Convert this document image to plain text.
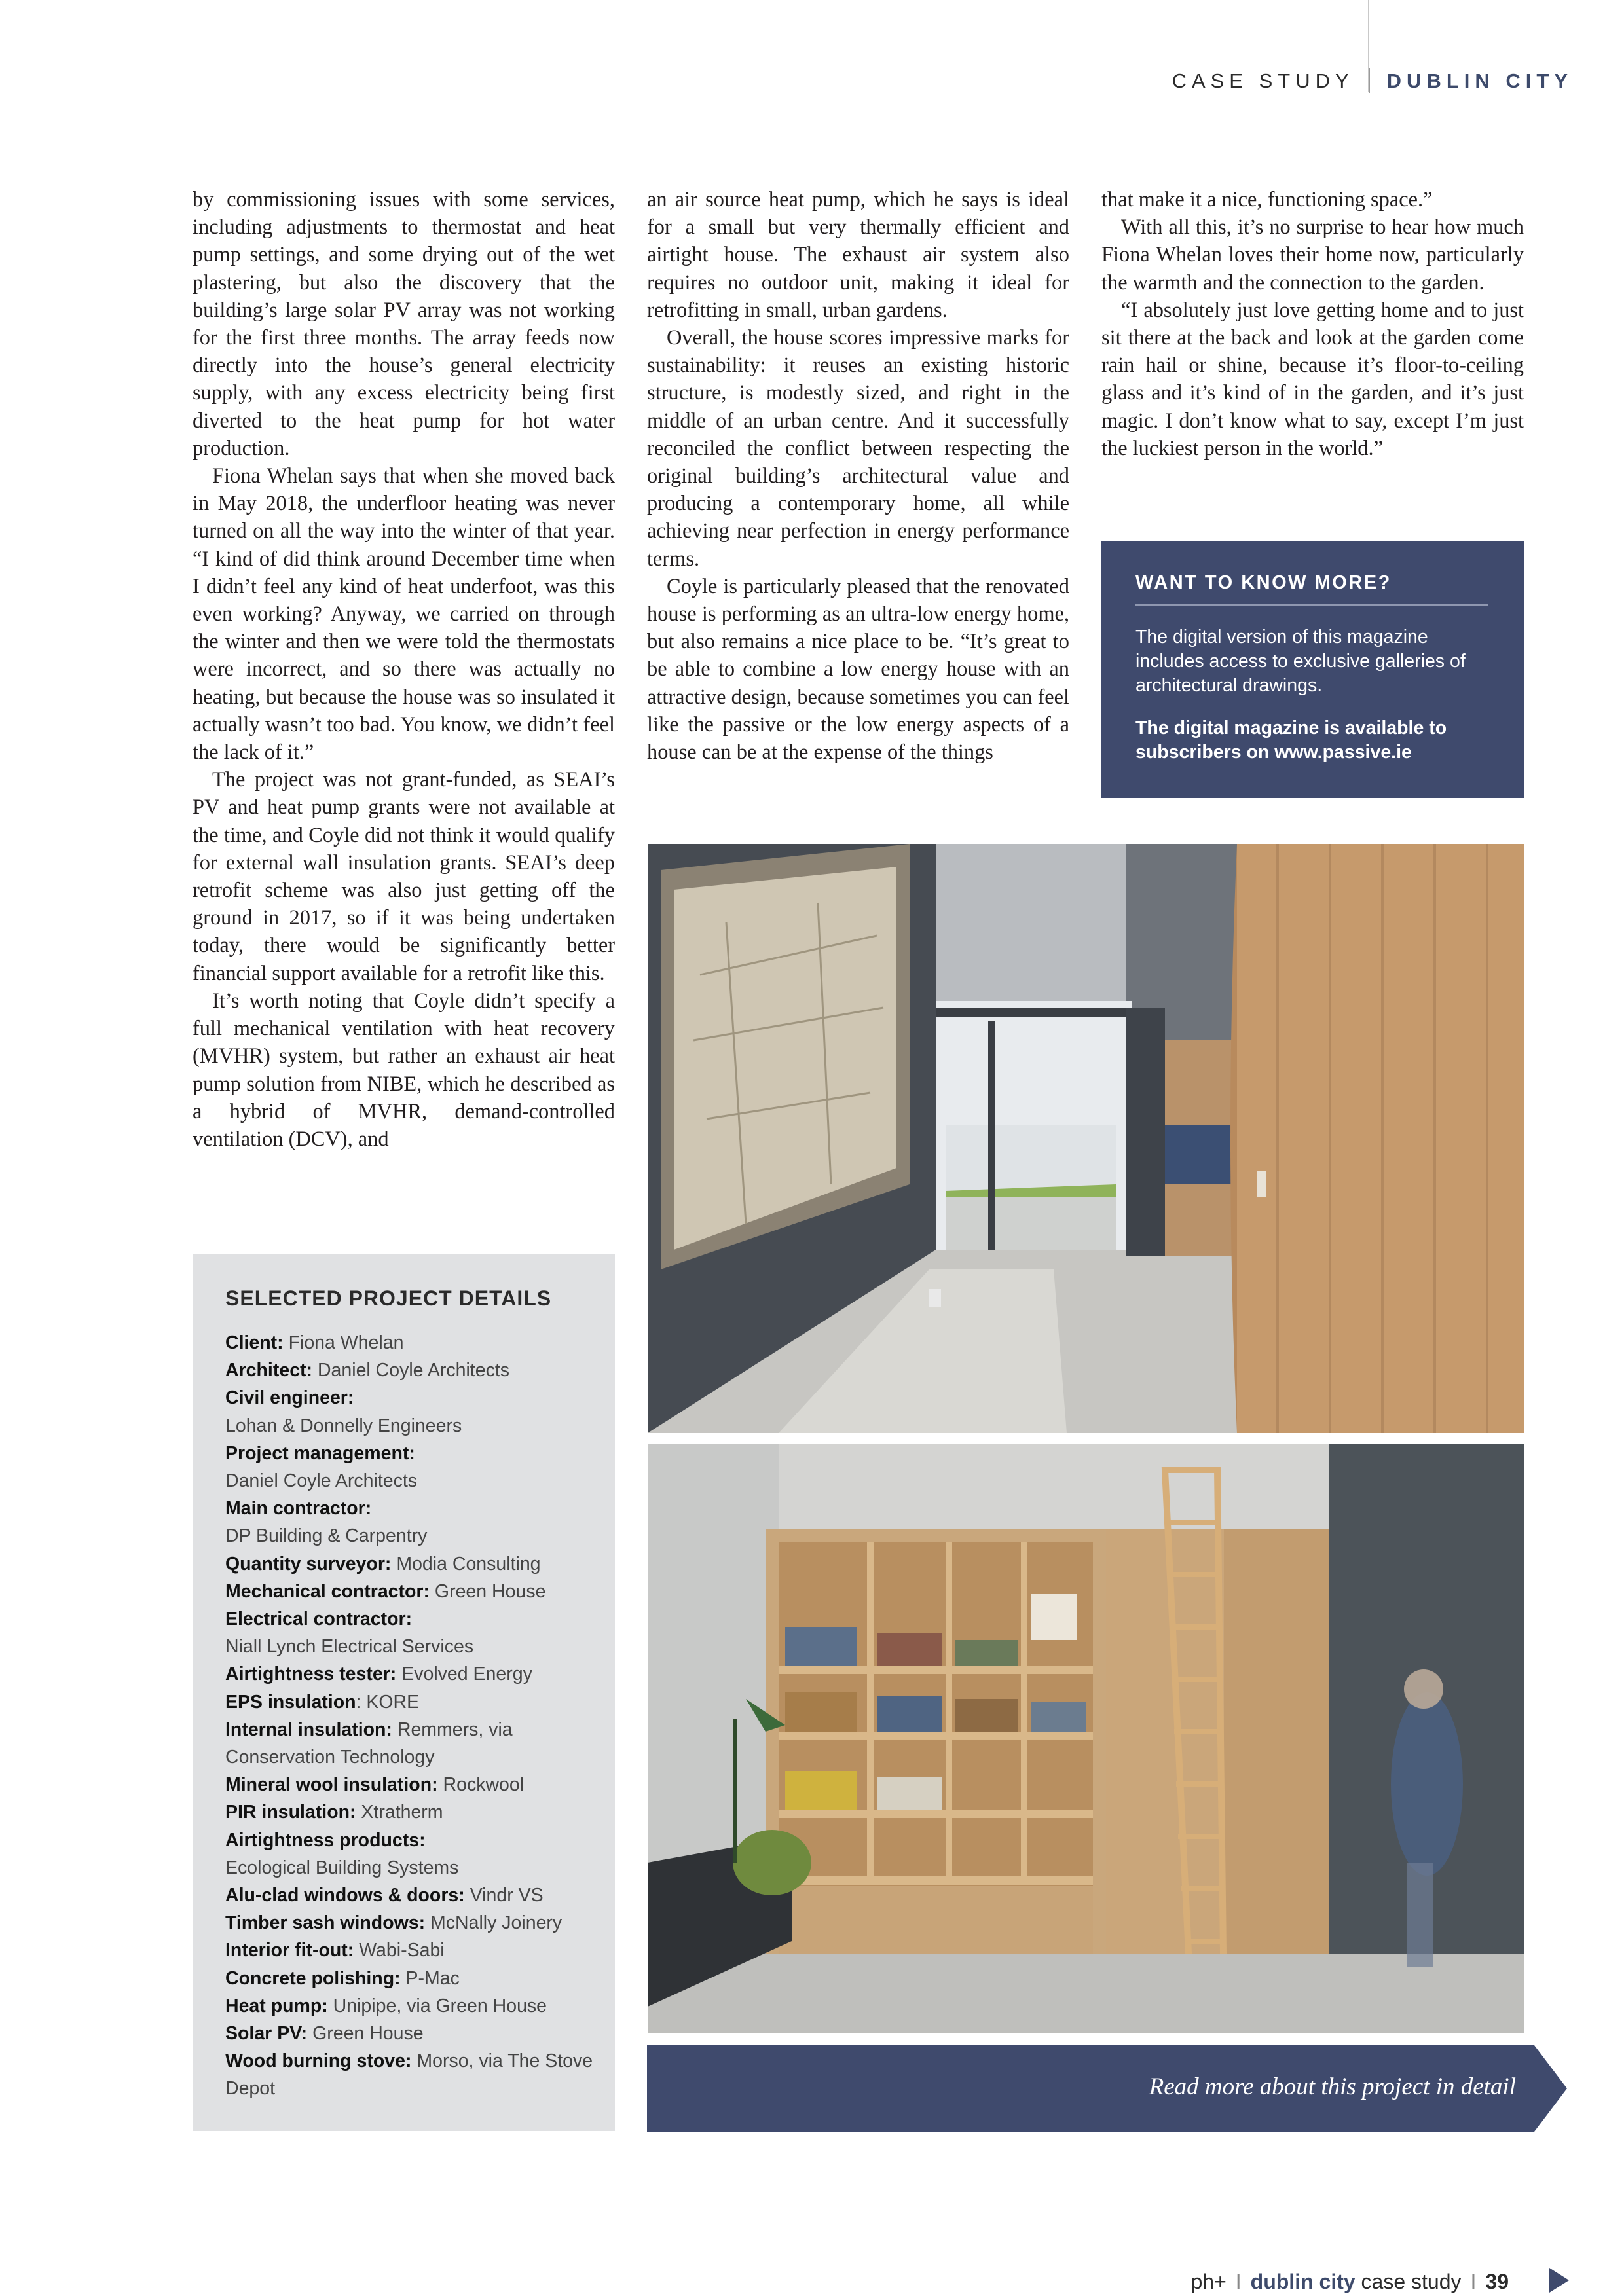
CASE STUDY DUBLIN CITY

by commissioning issues with some services, including adjustments to thermostat and heat pump settings, and some drying out of the wet plastering, but also the discovery that the building’s large solar PV array was not working for the first three months. The array feeds now directly into the house’s general electricity supply, with any excess electricity being first diverted to the heat pump for hot water production.

Fiona Whelan says that when she moved back in May 2018, the underfloor heating was never turned on all the way into the winter of that year. “I kind of did think around December time when I didn’t feel any kind of heat underfoot, was this even working? Anyway, we carried on through the winter and then we were told the thermostats were incorrect, and so there was actually no heating, but because the house was so insulated it actually wasn’t too bad. You know, we didn’t feel the lack of it.”

The project was not grant-funded, as SEAI’s PV and heat pump grants were not available at the time, and Coyle did not think it would qualify for external wall insulation grants. SEAI’s deep retrofit scheme was also just getting off the ground in 2017, so if it was being undertaken today, there would be significantly better financial support available for a retrofit like this.

It’s worth noting that Coyle didn’t specify a full mechanical ventilation with heat recovery (MVHR) system, but rather an exhaust air heat pump solution from NIBE, which he described as a hybrid of MVHR, demand-controlled ventilation (DCV), and

an air source heat pump, which he says is ideal for a small but very thermally efficient and airtight house. The exhaust air system also requires no outdoor unit, making it ideal for retrofitting in small, urban gardens.

Overall, the house scores impressive marks for sustainability: it reuses an existing historic structure, is modestly sized, and right in the middle of an urban centre. And it successfully reconciled the conflict between respecting the original building’s architectural value and producing a contemporary home, all while achieving near perfection in energy performance terms.

Coyle is particularly pleased that the renovated house is performing as an ultra-low energy home, but also remains a nice place to be. “It’s great to be able to combine a low energy house with an attractive design, because sometimes you can feel like the passive or the low energy aspects of a house can be at the expense of the things

that make it a nice, functioning space.”

With all this, it’s no surprise to hear how much Fiona Whelan loves their home now, particularly the warmth and the connection to the garden.

“I absolutely just love getting home and to just sit there at the back and look at the garden come rain hail or shine, because it’s floor-to-ceiling glass and it’s kind of in the garden, and it’s just magic. I don’t know what to say, except I’m just the luckiest person in the world.”

WANT TO KNOW MORE?

The digital version of this magazine includes access to exclusive galleries of architectural drawings.

The digital magazine is available to subscribers on www.passive.ie

SELECTED PROJECT DETAILS
Client: Fiona Whelan
Architect: Daniel Coyle Architects
Civil engineer:
Lohan & Donnelly Engineers
Project management:
Daniel Coyle Architects
Main contractor:
DP Building & Carpentry
Quantity surveyor: Modia Consulting
Mechanical contractor: Green House
Electrical contractor:
Niall Lynch Electrical Services
Airtightness tester: Evolved Energy
EPS insulation: KORE
Internal insulation: Remmers, via Conservation Technology
Mineral wool insulation: Rockwool
PIR insulation: Xtratherm
Airtightness products:
Ecological Building Systems
Alu-clad windows & doors: Vindr VS
Timber sash windows: McNally Joinery
Interior fit-out: Wabi-Sabi
Concrete polishing: P-Mac
Heat pump: Unipipe, via Green House
Solar PV: Green House
Wood burning stove: Morso, via The Stove Depot	Read more about this project in detail
ph+ I dublin city case study I 39
